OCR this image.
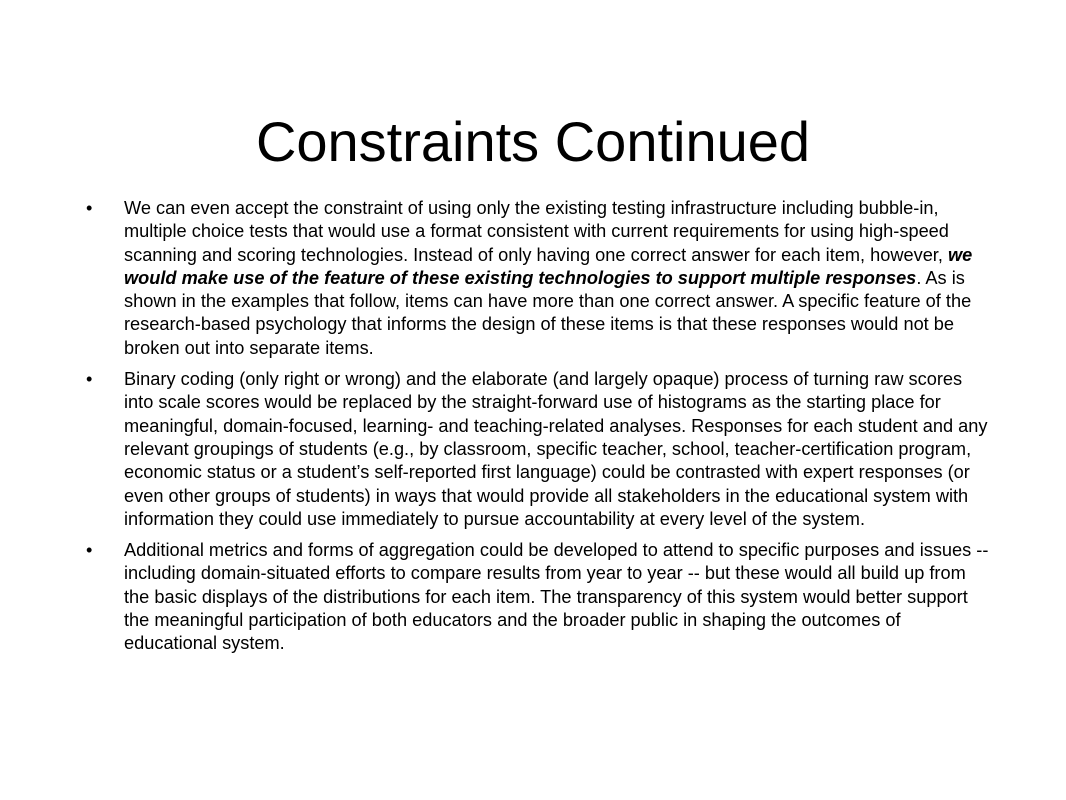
Constraints Continued
•	We can even accept the constraint of using only the existing testing infrastructure including bubble-in, multiple choice tests that would use a format consistent with current requirements for using high-speed scanning and scoring technologies. Instead of only having one correct answer for each item, however, we would make use of the feature of these existing technologies to support multiple responses. As is shown in the examples that follow, items can have more than one correct answer. A specific feature of the research-based psychology that informs the design of these items is that these responses would not be broken out into separate items.
•	Binary coding (only right or wrong) and the elaborate (and largely opaque) process of turning raw scores into scale scores would be replaced by the straight-forward use of histograms as the starting place for meaningful, domain-focused, learning- and teaching-related analyses. Responses for each student and any relevant groupings of students (e.g., by classroom, specific teacher, school, teacher-certification program, economic status or a student’s self-reported first language) could be contrasted with expert responses (or even other groups of students) in ways that would provide all stakeholders in the educational system with information they could use immediately to pursue accountability at every level of the system.
•	Additional metrics and forms of aggregation could be developed to attend to specific purposes and issues -- including domain-situated efforts to compare results from year to year -- but these would all build up from the basic displays of the distributions for each item. The transparency of this system would better support the meaningful participation of both educators and the broader public in shaping the outcomes of educational system.
